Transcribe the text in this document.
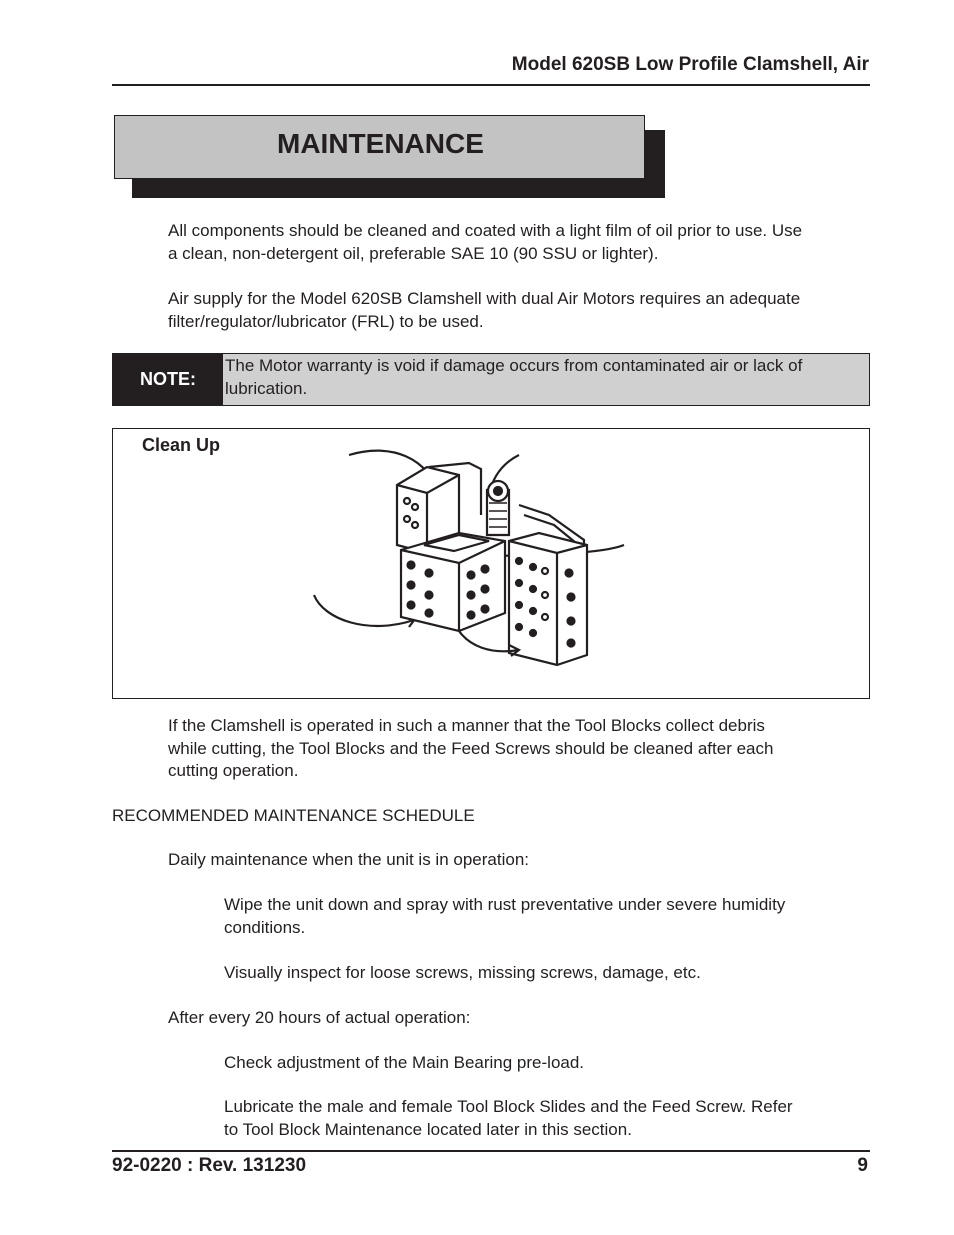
Model 620SB Low Profile Clamshell, Air
MAINTENANCE
All components should be cleaned and coated with a light film of oil prior to use. Use
a clean, non-detergent oil, preferable SAE 10 (90 SSU or lighter).
Air supply for the Model 620SB Clamshell with dual Air Motors requires an adequate
filter/regulator/lubricator (FRL) to be used.
NOTE:
The Motor warranty is void if damage occurs from contaminated air or lack of lubrication.
Clean Up
If the Clamshell is operated in such a manner that the Tool Blocks collect debris
while cutting, the Tool Blocks and the Feed Screws should be cleaned after each
cutting operation.
RECOMMENDED MAINTENANCE SCHEDULE
Daily maintenance when the unit is in operation:
Wipe the unit down and spray with rust preventative under severe humidity
conditions.
Visually inspect for loose screws, missing screws, damage, etc.
After every 20 hours of actual operation:
Check adjustment of the Main Bearing pre-load.
Lubricate the male and female Tool Block Slides and the Feed Screw. Refer
to Tool Block Maintenance located later in this section.
92-0220 : Rev. 131230	9
